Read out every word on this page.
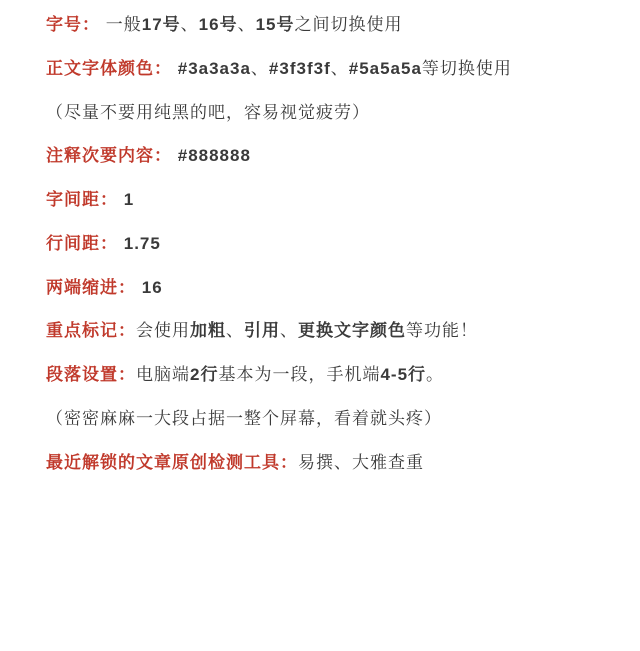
字号： 一般17号、16号、15号之间切换使用
正文字体颜色： #3a3a3a、#3f3f3f、#5a5a5a等切换使用
（尽量不要用纯黑的吧，容易视觉疲劳）
注释次要内容： #888888
字间距： 1
行间距： 1.75
两端缩进： 16
重点标记：会使用加粗、引用、更换文字颜色等功能！
段落设置：电脑端2行基本为一段，手机端4-5行。
（密密麻麻一大段占据一整个屏幕，看着就头疼）
最近解锁的文章原创检测工具：易撰、大雅查重
